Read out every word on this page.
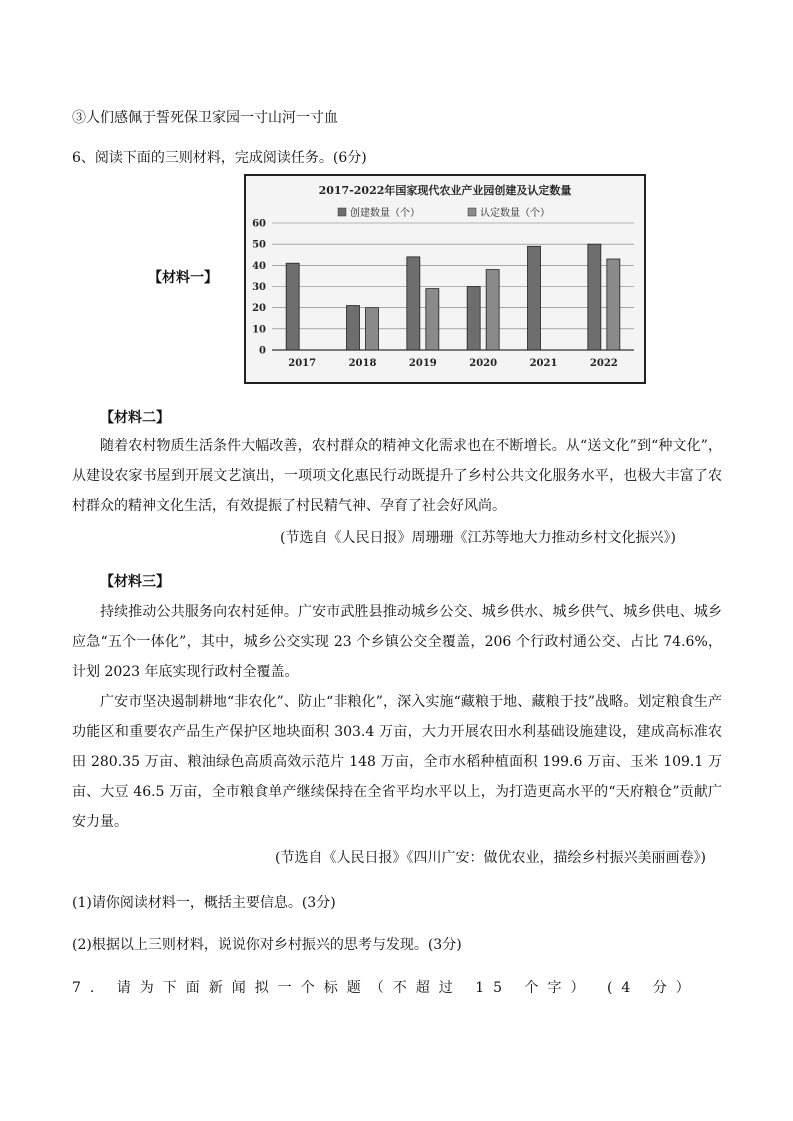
③人们感佩于誓死保卫家园一寸山河一寸血
6、阅读下面的三则材料，完成阅读任务。(6分)
【材料一】
2017-2022年国家现代农业产业园创建及认定数量
创建数量（个）	认定数量（个）
0
10
20
30
40
50
60
2017	2018	2019	2020	2021	2022
【材料二】
随着农村物质生活条件大幅改善，农村群众的精神文化需求也在不断增长。从“送文化”到“种文化”，从建设农家书屋到开展文艺演出，一项项文化惠民行动既提升了乡村公共文化服务水平，也极大丰富了农村群众的精神文化生活，有效提振了村民精气神、孕育了社会好风尚。
(节选自《人民日报》周珊珊《江苏等地大力推动乡村文化振兴》)
【材料三】
持续推动公共服务向农村延伸。广安市武胜县推动城乡公交、城乡供水、城乡供气、城乡供电、城乡应急“五个一体化”，其中，城乡公交实现 23 个乡镇公交全覆盖，206 个行政村通公交、占比 74.6%，计划 2023 年底实现行政村全覆盖。
广安市坚决遏制耕地“非农化”、防止“非粮化”，深入实施“藏粮于地、藏粮于技”战略。划定粮食生产功能区和重要农产品生产保护区地块面积 303.4 万亩，大力开展农田水利基础设施建设，建成高标准农田 280.35 万亩、粮油绿色高质高效示范片 148 万亩，全市水稻种植面积 199.6 万亩、玉米 109.1 万亩、大豆 46.5 万亩，全市粮食单产继续保持在全省平均水平以上，为打造更高水平的“天府粮仓”贡献广安力量。
(节选自《人民日报》《四川广安：做优农业，描绘乡村振兴美丽画卷》)
(1)请你阅读材料一，概括主要信息。(3分)
(2)根据以上三则材料，说说你对乡村振兴的思考与发现。(3分)
7. 请为下面新闻拟一个标题（不超过 15 个字） (4 分）
